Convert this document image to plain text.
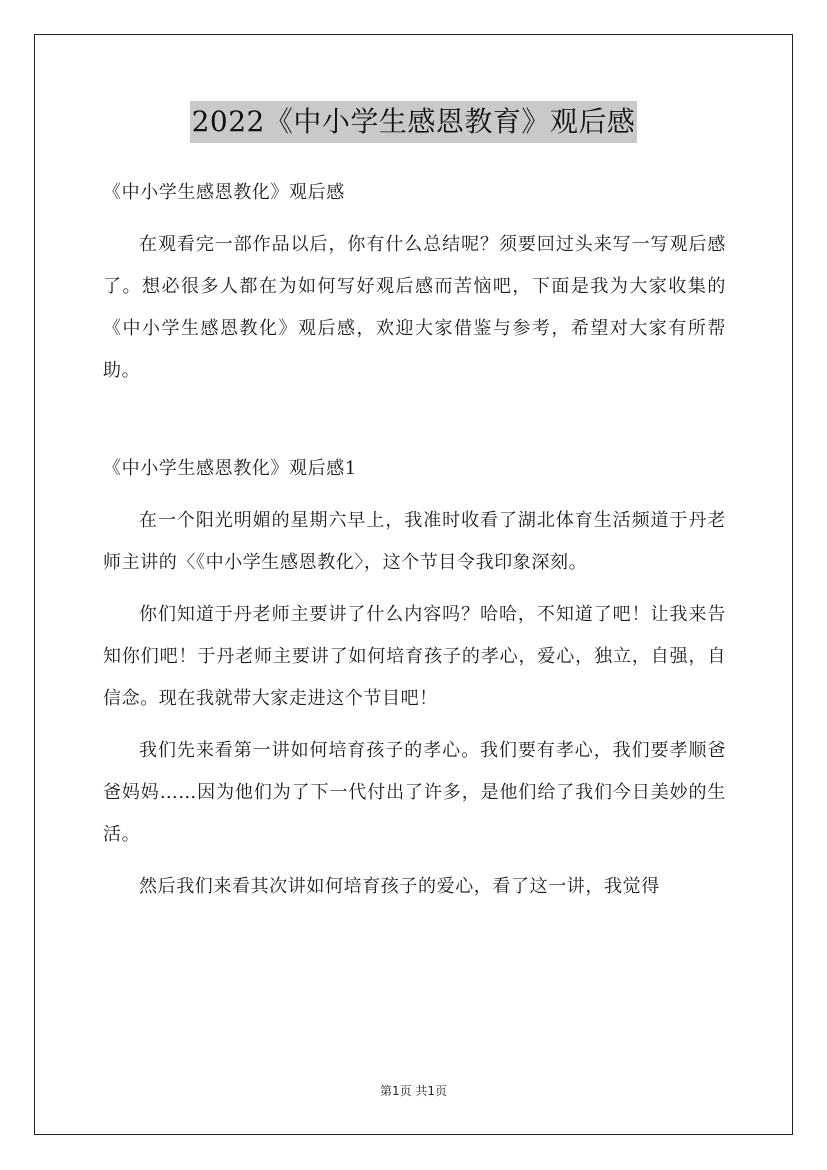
2022《中小学生感恩教育》观后感

《中小学生感恩教化》观后感

在观看完一部作品以后，你有什么总结呢？须要回过头来写一写观后感了。想必很多人都在为如何写好观后感而苦恼吧，下面是我为大家收集的《中小学生感恩教化》观后感，欢迎大家借鉴与参考，希望对大家有所帮助。

《中小学生感恩教化》观后感1

在一个阳光明媚的星期六早上，我准时收看了湖北体育生活频道于丹老师主讲的〈《中小学生感恩教化〉，这个节目令我印象深刻。

你们知道于丹老师主要讲了什么内容吗？哈哈，不知道了吧！让我来告知你们吧！于丹老师主要讲了如何培育孩子的孝心，爱心，独立，自强，自信念。现在我就带大家走进这个节目吧！

我们先来看第一讲如何培育孩子的孝心。我们要有孝心，我们要孝顺爸爸妈妈……因为他们为了下一代付出了许多，是他们给了我们今日美妙的生活。

然后我们来看其次讲如何培育孩子的爱心，看了这一讲，我觉得

第1页 共1页
